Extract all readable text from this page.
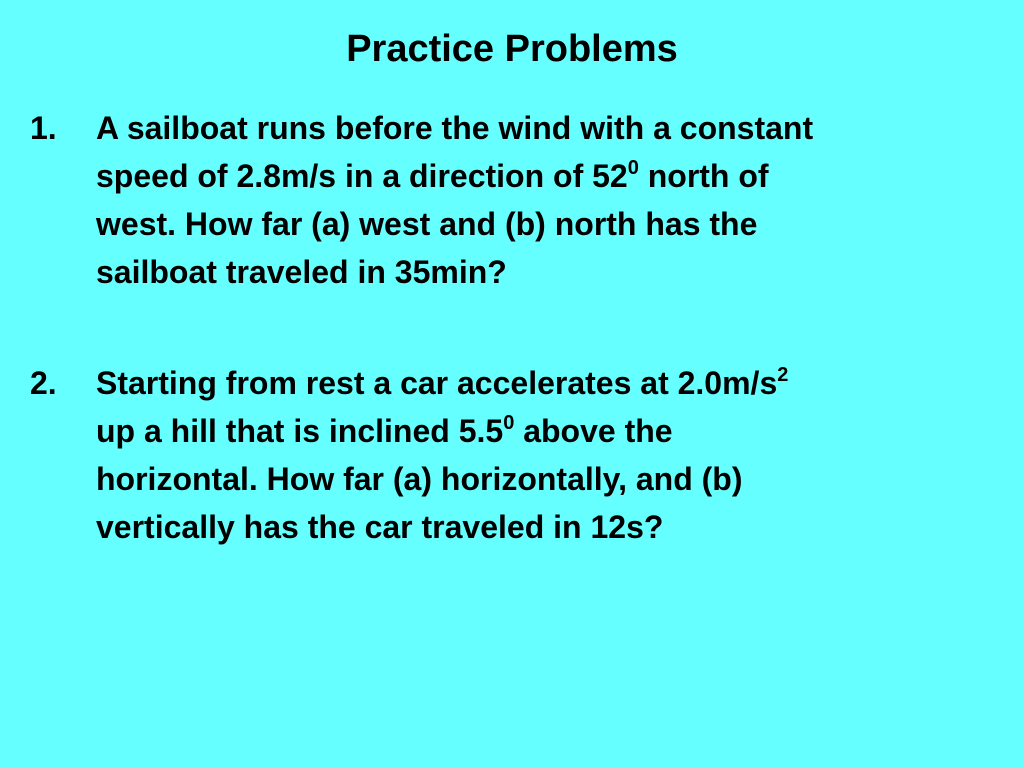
Practice Problems
1. A sailboat runs before the wind with a constant
speed of 2.8m/s in a direction of $52^0$ north of
west. How far (a) west and (b) north has the
sailboat traveled in 35min?
2. Starting from rest a car accelerates at $2.0m/s^2$
up a hill that is inclined $5.5^0$ above the
horizontal. How far (a) horizontally, and (b)
vertically has the car traveled in 12s?
